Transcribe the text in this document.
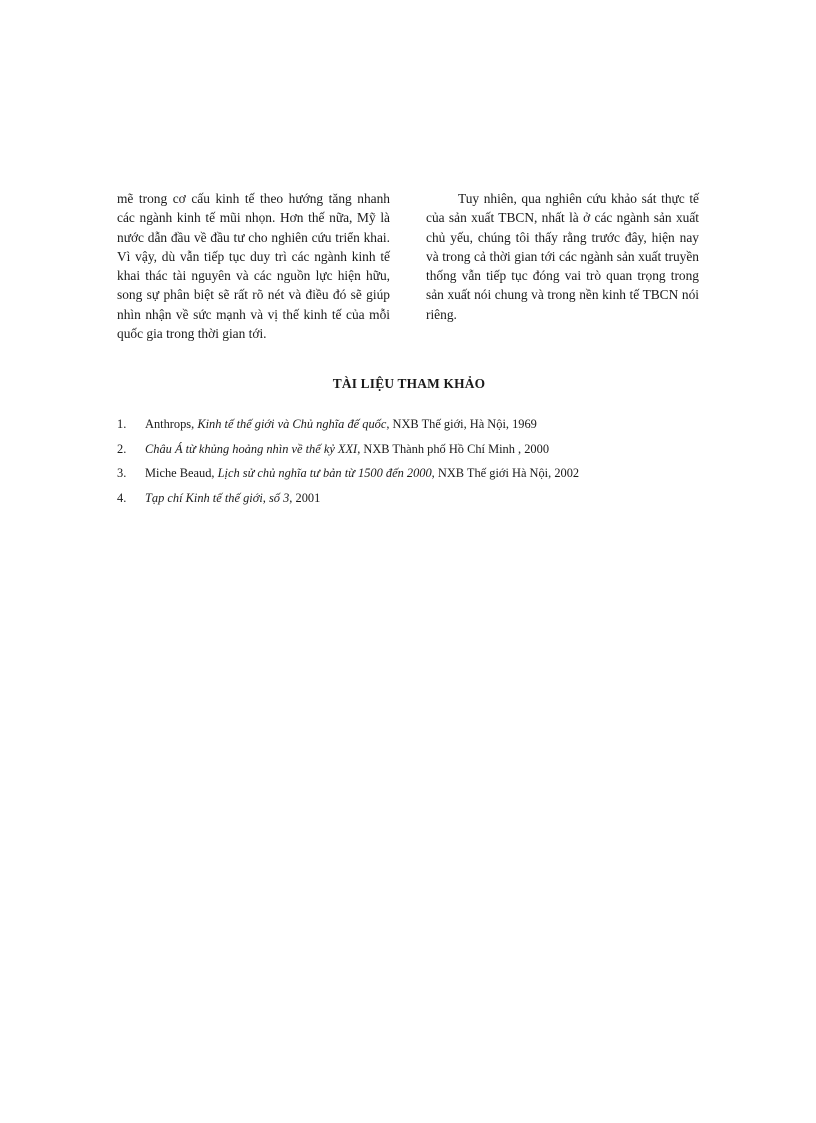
mẽ trong cơ cấu kinh tế theo hướng tăng nhanh các ngành kinh tế mũi nhọn. Hơn thế nữa, Mỹ là nước dẫn đầu về đầu tư cho nghiên cứu triển khai. Vì vậy, dù vẫn tiếp tục duy trì các ngành kinh tế khai thác tài nguyên và các nguồn lực hiện hữu, song sự phân biệt sẽ rất rõ nét và điều đó sẽ giúp nhìn nhận về sức mạnh và vị thế kinh tế của mỗi quốc gia trong thời gian tới.

Tuy nhiên, qua nghiên cứu khảo sát thực tế của sản xuất TBCN, nhất là ở các ngành sản xuất chủ yếu, chúng tôi thấy rằng trước đây, hiện nay và trong cả thời gian tới các ngành sản xuất truyền thống vẫn tiếp tục đóng vai trò quan trọng trong sản xuất nói chung và trong nền kinh tế TBCN nói riêng.

TÀI LIỆU THAM KHẢO
1. Anthrops, Kinh tế thế giới và Chủ nghĩa đế quốc, NXB Thế giới, Hà Nội, 1969
2. Châu Á từ khủng hoảng nhìn về thế kỷ XXI, NXB Thành phố Hồ Chí Minh , 2000
3. Miche Beaud, Lịch sử chủ nghĩa tư bản từ 1500 đến 2000, NXB Thế giới Hà Nội, 2002
4. Tạp chí Kinh tế thế giới, số 3, 2001
